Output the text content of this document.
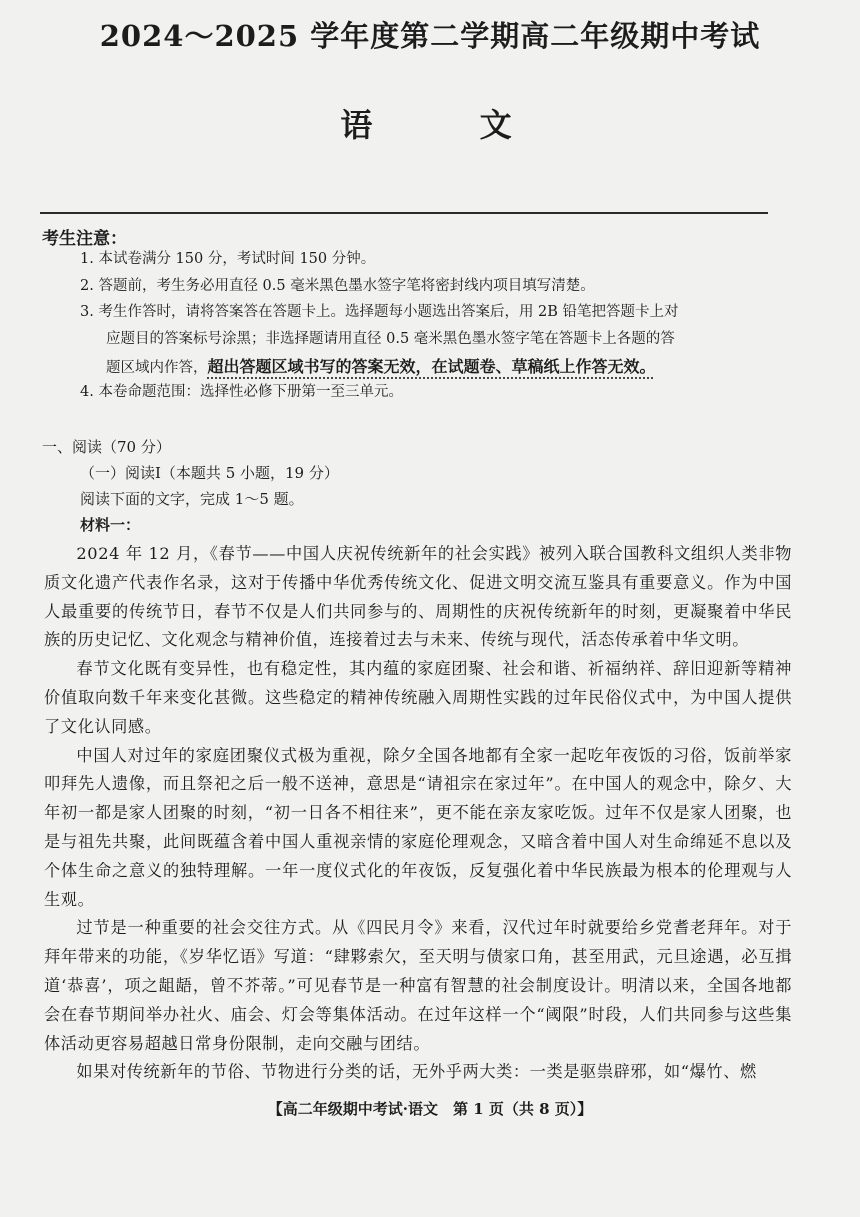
2024～2025 学年度第二学期高二年级期中考试
语 文
考生注意：
1. 本试卷满分 150 分，考试时间 150 分钟。
2. 答题前，考生务必用直径 0.5 毫米黑色墨水签字笔将密封线内项目填写清楚。
3. 考生作答时，请将答案答在答题卡上。选择题每小题选出答案后，用 2B 铅笔把答题卡上对
应题目的答案标号涂黑；非选择题请用直径 0.5 毫米黑色墨水签字笔在答题卡上各题的答
题区域内作答，超出答题区域书写的答案无效，在试题卷、草稿纸上作答无效。
4. 本卷命题范围：选择性必修下册第一至三单元。
一、阅读（70 分）
（一）阅读Ⅰ（本题共 5 小题，19 分）
阅读下面的文字，完成 1～5 题。
材料一：

2024 年 12 月，《春节——中国人庆祝传统新年的社会实践》被列入联合国教科文组织人类非物质文化遗产代表作名录，这对于传播中华优秀传统文化、促进文明交流互鉴具有重要意义。作为中国人最重要的传统节日，春节不仅是人们共同参与的、周期性的庆祝传统新年的时刻，更凝聚着中华民族的历史记忆、文化观念与精神价值，连接着过去与未来、传统与现代，活态传承着中华文明。

春节文化既有变异性，也有稳定性，其内蕴的家庭团聚、社会和谐、祈福纳祥、辞旧迎新等精神价值取向数千年来变化甚微。这些稳定的精神传统融入周期性实践的过年民俗仪式中，为中国人提供了文化认同感。

中国人对过年的家庭团聚仪式极为重视，除夕全国各地都有全家一起吃年夜饭的习俗，饭前举家叩拜先人遗像，而且祭祀之后一般不送神，意思是“请祖宗在家过年”。在中国人的观念中，除夕、大年初一都是家人团聚的时刻，“初一日各不相往来”，更不能在亲友家吃饭。过年不仅是家人团聚，也是与祖先共聚，此间既蕴含着中国人重视亲情的家庭伦理观念，又暗含着中国人对生命绵延不息以及个体生命之意义的独特理解。一年一度仪式化的年夜饭，反复强化着中华民族最为根本的伦理观与人生观。

过节是一种重要的社会交往方式。从《四民月令》来看，汉代过年时就要给乡党耆老拜年。对于拜年带来的功能，《岁华忆语》写道：“肆夥索欠，至天明与债家口角，甚至用武，元旦途遇，必互揖道‘恭喜’，项之龃龉，曾不芥蒂。”可见春节是一种富有智慧的社会制度设计。明清以来，全国各地都会在春节期间举办社火、庙会、灯会等集体活动。在过年这样一个“阈限”时段，人们共同参与这些集体活动更容易超越日常身份限制，走向交融与团结。

如果对传统新年的节俗、节物进行分类的话，无外乎两大类：一类是驱祟辟邪，如“爆竹、燃

【高二年级期中考试·语文　第 1 页（共 8 页）】
